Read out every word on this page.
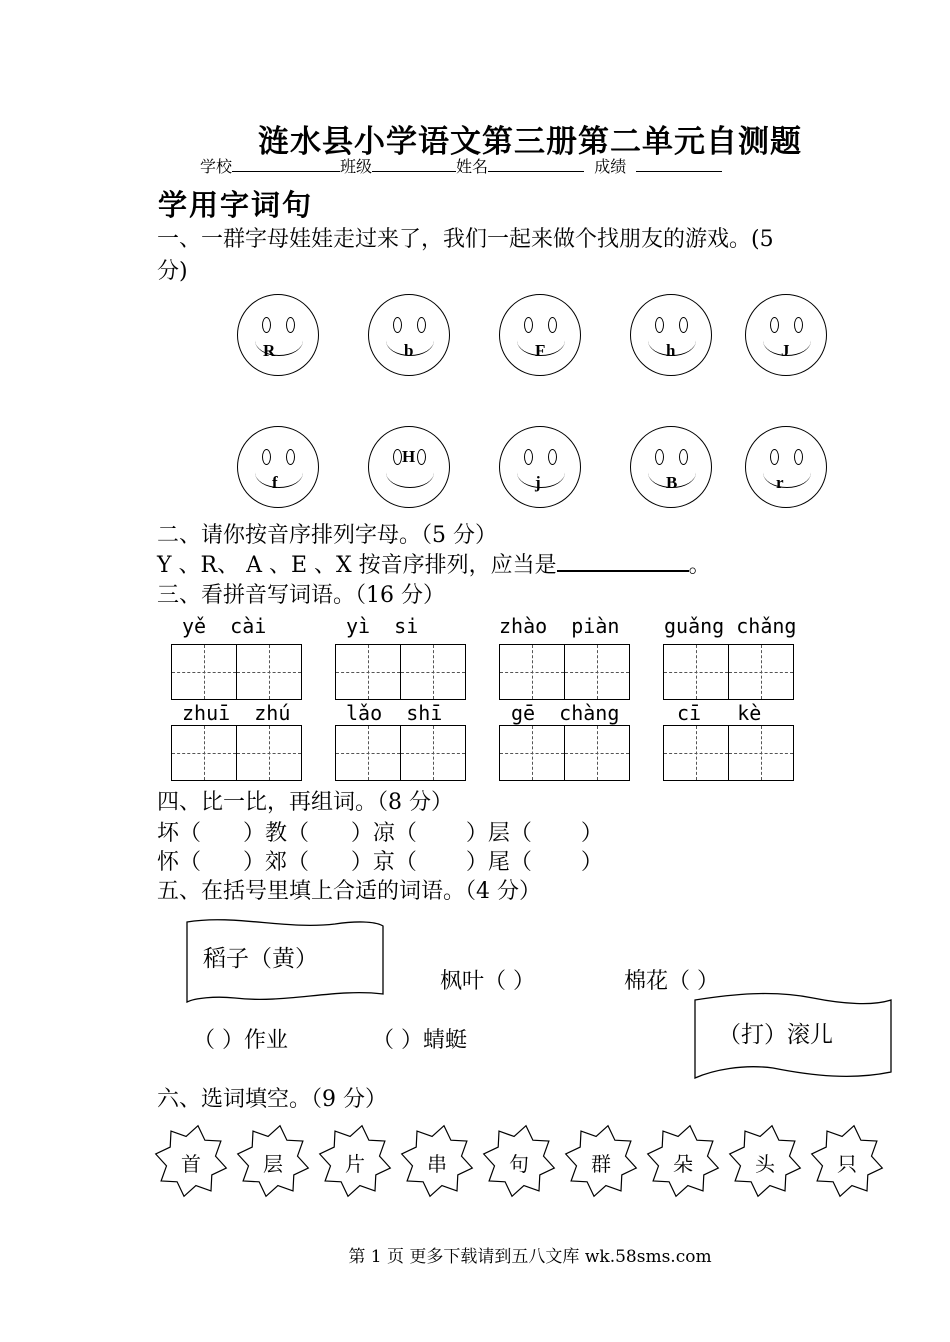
涟水县小学语文第三册第二单元自测题
学校	班级	姓名	成绩
学用字词句
一、一群字母娃娃走过来了，我们一起来做个找朋友的游戏。(5
分)
R	b	F	h	J
f
H
j	B	r
二、请你按音序排列字母。（5 分）
Y 、R、 A 、E 、X 按音序排列，应当是	。
三、看拼音写词语。（16 分）
yě  cài	yì  si	zhào  piàn guǎng chǎng
zhuī  zhú	lǎo  shī	gē  chàng	cī   kè
四、比一比，再组词。（8 分）
坏（      ）教（      ）凉（       ）层（       ）
怀（      ）郊（      ）京（       ）尾（       ）
五、在括号里填上合适的词语。（4 分）
稻子（黄）
枫叶（ ）	棉花（ ）
（ ）作业	（ ）蜻蜓	（打）滚儿
六、选词填空。（9 分）
首	层	片	串	句	群	朵	头	只
第 1 页 更多下载请到五八文库 wk.58sms.com
